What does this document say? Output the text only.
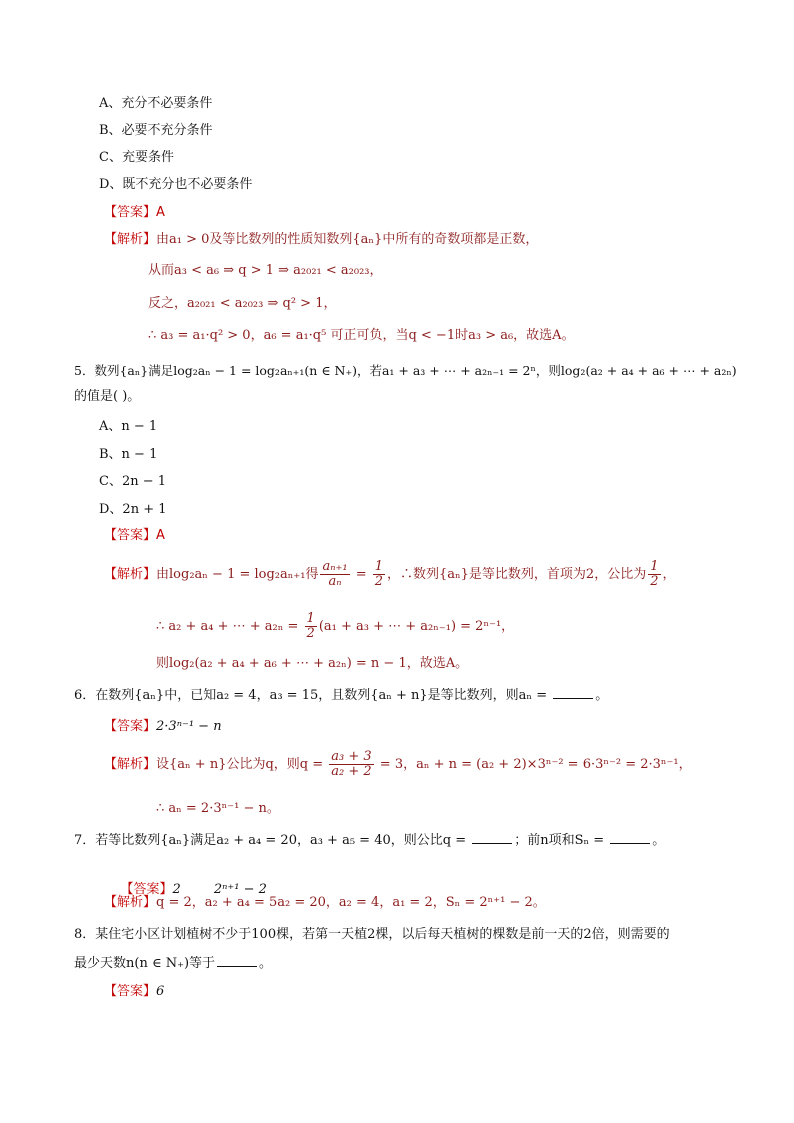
A、充分不必要条件
B、必要不充分条件
C、充要条件
D、既不充分也不必要条件
【答案】A
【解析】由a₁ > 0及等比数列的性质知数列{aₙ}中所有的奇数项都是正数，
从而a₃ < a₆ ⇒ q > 1 ⇒ a₂₀₂₁ < a₂₀₂₃，
反之，a₂₀₂₁ < a₂₀₂₃ ⇒ q² > 1，
∴ a₃ = a₁·q² > 0，a₆ = a₁·q⁵ 可正可负，当q < −1时a₃ > a₆，故选A。
5．数列{aₙ}满足log₂aₙ − 1 = log₂aₙ₊₁(n ∈ N₊)，若a₁ + a₃ + ⋯ + a₂ₙ₋₁ = 2ⁿ，则log₂(a₂ + a₄ + a₆ + ⋯ + a₂ₙ)
的值是( )。
A、n − 1
B、n − 1
C、2n − 1
D、2n + 1
【答案】A
【解析】由log₂aₙ − 1 = log₂aₙ₊₁得 $\frac{\text{aₙ₊₁}}{\text{aₙ}} = \frac{1}{2}$ ，∴数列{aₙ}是等比数列，首项为2，公比为 $\frac{1}{2}$ ，
∴ a₂ + a₄ + ⋯ + $a_{2n} = \frac{1}{2} (a_1 + a_3$ + ⋯ + a₂ₙ₋₁) = 2ⁿ⁻¹，
则log₂(a₂ + a₄ + a₆ + ⋯ + a₂ₙ) = n − 1，故选A。
6．在数列{aₙ}中，已知a₂ = 4，a₃ = 15，且数列{aₙ + n}是等比数列，则aₙ =	。
【答案】2·3ⁿ⁻¹ − n
【解析】设{aₙ + n}公比为q，则$q = \frac{\text{a₃ + 3}}{\text{a₂ + 2}} = 3$，aₙ + n = (a₂ + 2)×3ⁿ⁻² = 6·3ⁿ⁻² = 2·3ⁿ⁻¹，
∴ aₙ = 2·3ⁿ⁻¹ − n。
7．若等比数列{aₙ}满足a₂ + a₄ = 20，a₃ + a₅ = 40，则公比q =	；前n项和Sₙ =	。

【答案】2        2ⁿ⁺¹ − 2

【解析】q = 2，a₂ + a₄ = 5a₂ = 20，a₂ = 4，a₁ = 2，Sₙ = 2ⁿ⁺¹ − 2。
8．某住宅小区计划植树不少于100棵，若第一天植2棵，以后每天植树的棵数是前一天的2倍，则需要的
最少天数n(n ∈ N₊)等于	。
【答案】6
